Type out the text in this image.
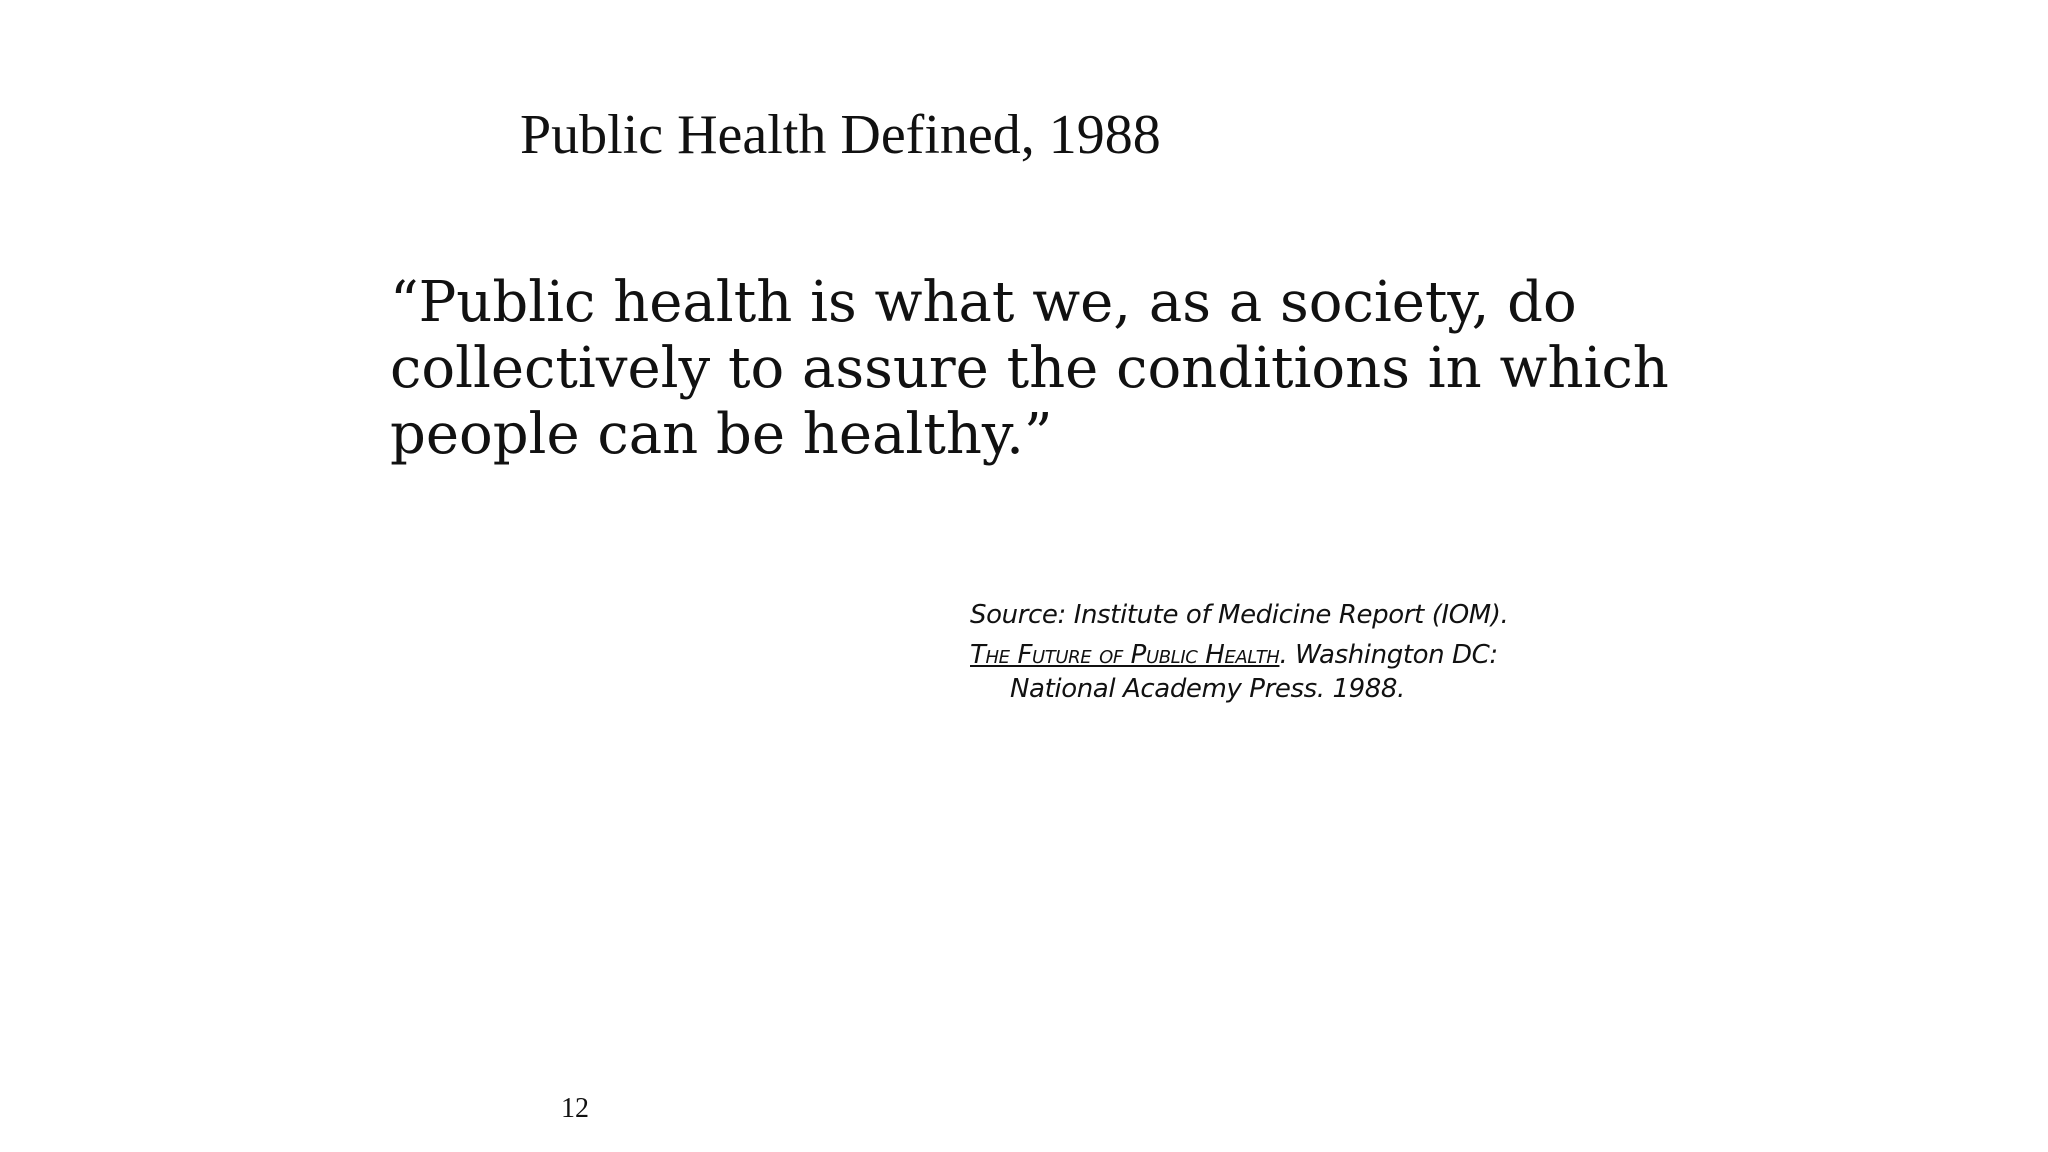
Public Health Defined, 1988
“Public health is what we, as a society, do
collectively to assure the conditions in which
people can be healthy.”
Source: Institute of Medicine Report (IOM).
The Future of Public Health. Washington DC:
National Academy Press. 1988.
12
